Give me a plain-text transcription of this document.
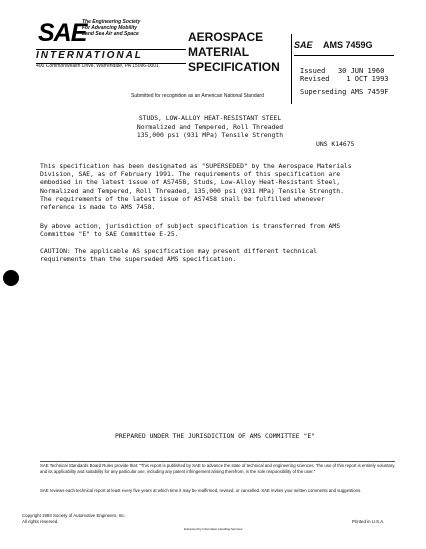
SAE
The Engineering Society
For Advancing Mobility
Land Sea Air and Space
INTERNATIONAL
400 Commonwealth Drive, Warrendale, PA 15096-0001
AEROSPACE
MATERIAL
SPECIFICATION
SAE AMS 7459G
Issued 30 JUN 1960
Revised 1 OCT 1993
Superseding AMS 7459F
Submitted for recognition as an American National Standard
STUDS, LOW-ALLOY HEAT-RESISTANT STEEL
Normalized and Tempered, Roll Threaded
135,000 psi (931 MPa) Tensile Strength
UNS K14675
This specification has been designated as "SUPERSEDED" by the Aerospace Materials
Division, SAE, as of February 1991. The requirements of this specification are
embodied in the latest issue of AS7458, Studs, Low-Alloy Heat-Resistant Steel,
Normalized and Tempered, Roll Threaded, 135,000 psi (931 MPa) Tensile Strength.
The requirements of the latest issue of AS7458 shall be fulfilled whenever
reference is made to AMS 7458.
By above action, jurisdiction of subject specification is transferred from AMS
Committee "E" to SAE Committee E-25.
CAUTION: The applicable AS specification may present different technical
requirements than the superseded AMS specification.
PREPARED UNDER THE JURISDICTION OF AMS COMMITTEE "E"
SAE Technical Standards Board Rules provide that: "This report is published by SAE to advance the state of technical and engineering sciences. The use of this report is entirely voluntary, and its applicability and suitability for any particular use, including any patent infringement arising therefrom, is the sole responsibility of the user."
SAE reviews each technical report at least every five years at which time it may be reaffirmed, revised, or cancelled. SAE invites your written comments and suggestions.
Copyright 1993 Society of Automotive Engineers, Inc.
All rights reserved.	Printed in U.S.A.
Enhanced by Information Handling Services
